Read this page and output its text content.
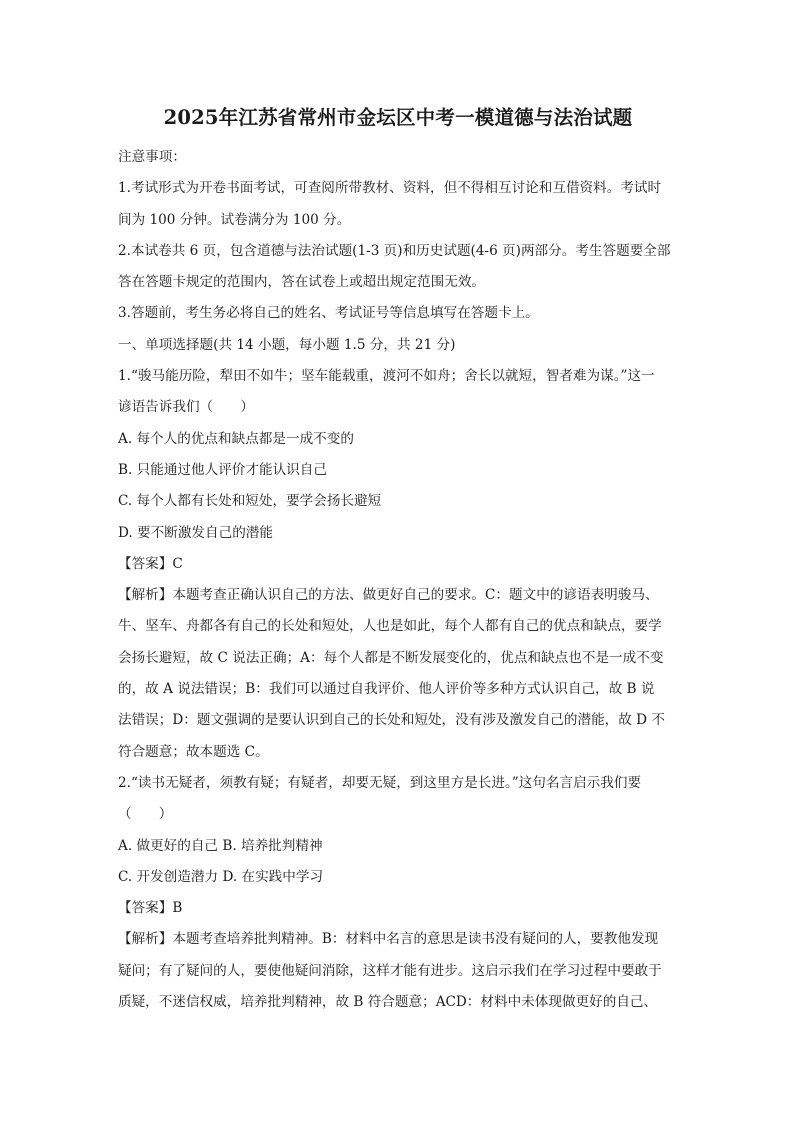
2025年江苏省常州市金坛区中考一模道德与法治试题
注意事项：
1.考试形式为开卷书面考试，可查阅所带教材、资料，但不得相互讨论和互借资料。考试时
间为 100 分钟。试卷满分为 100 分。
2.本试卷共 6 页，包含道德与法治试题(1-3 页)和历史试题(4-6 页)两部分。考生答题要全部
答在答题卡规定的范围内，答在试卷上或超出规定范围无效。
3.答题前，考生务必将自己的姓名、考试证号等信息填写在答题卡上。
一、单项选择题(共 14 小题，每小题 1.5 分，共 21 分)
1.“骏马能历险，犁田不如牛；坚车能载重，渡河不如舟；舍长以就短，智者难为谋。”这一
谚语告诉我们（　　）
A. 每个人的优点和缺点都是一成不变的
B. 只能通过他人评价才能认识自己
C. 每个人都有长处和短处，要学会扬长避短
D. 要不断激发自己的潜能
【答案】C
【解析】本题考查正确认识自己的方法、做更好自己的要求。C：题文中的谚语表明骏马、
牛、坚车、舟都各有自己的长处和短处，人也是如此，每个人都有自己的优点和缺点，要学
会扬长避短，故 C 说法正确；A：每个人都是不断发展变化的，优点和缺点也不是一成不变
的，故 A 说法错误；B：我们可以通过自我评价、他人评价等多种方式认识自己，故 B 说
法错误；D：题文强调的是要认识到自己的长处和短处，没有涉及激发自己的潜能，故 D 不
符合题意；故本题选 C。
2.“读书无疑者，须教有疑；有疑者，却要无疑，到这里方是长进。”这句名言启示我们要
（　　）
A. 做更好的自己 B. 培养批判精神
C. 开发创造潜力 D. 在实践中学习
【答案】B
【解析】本题考查培养批判精神。B：材料中名言的意思是读书没有疑问的人，要教他发现
疑问；有了疑问的人，要使他疑问消除，这样才能有进步。这启示我们在学习过程中要敢于
质疑，不迷信权威，培养批判精神，故 B 符合题意；ACD：材料中未体现做更好的自己、
